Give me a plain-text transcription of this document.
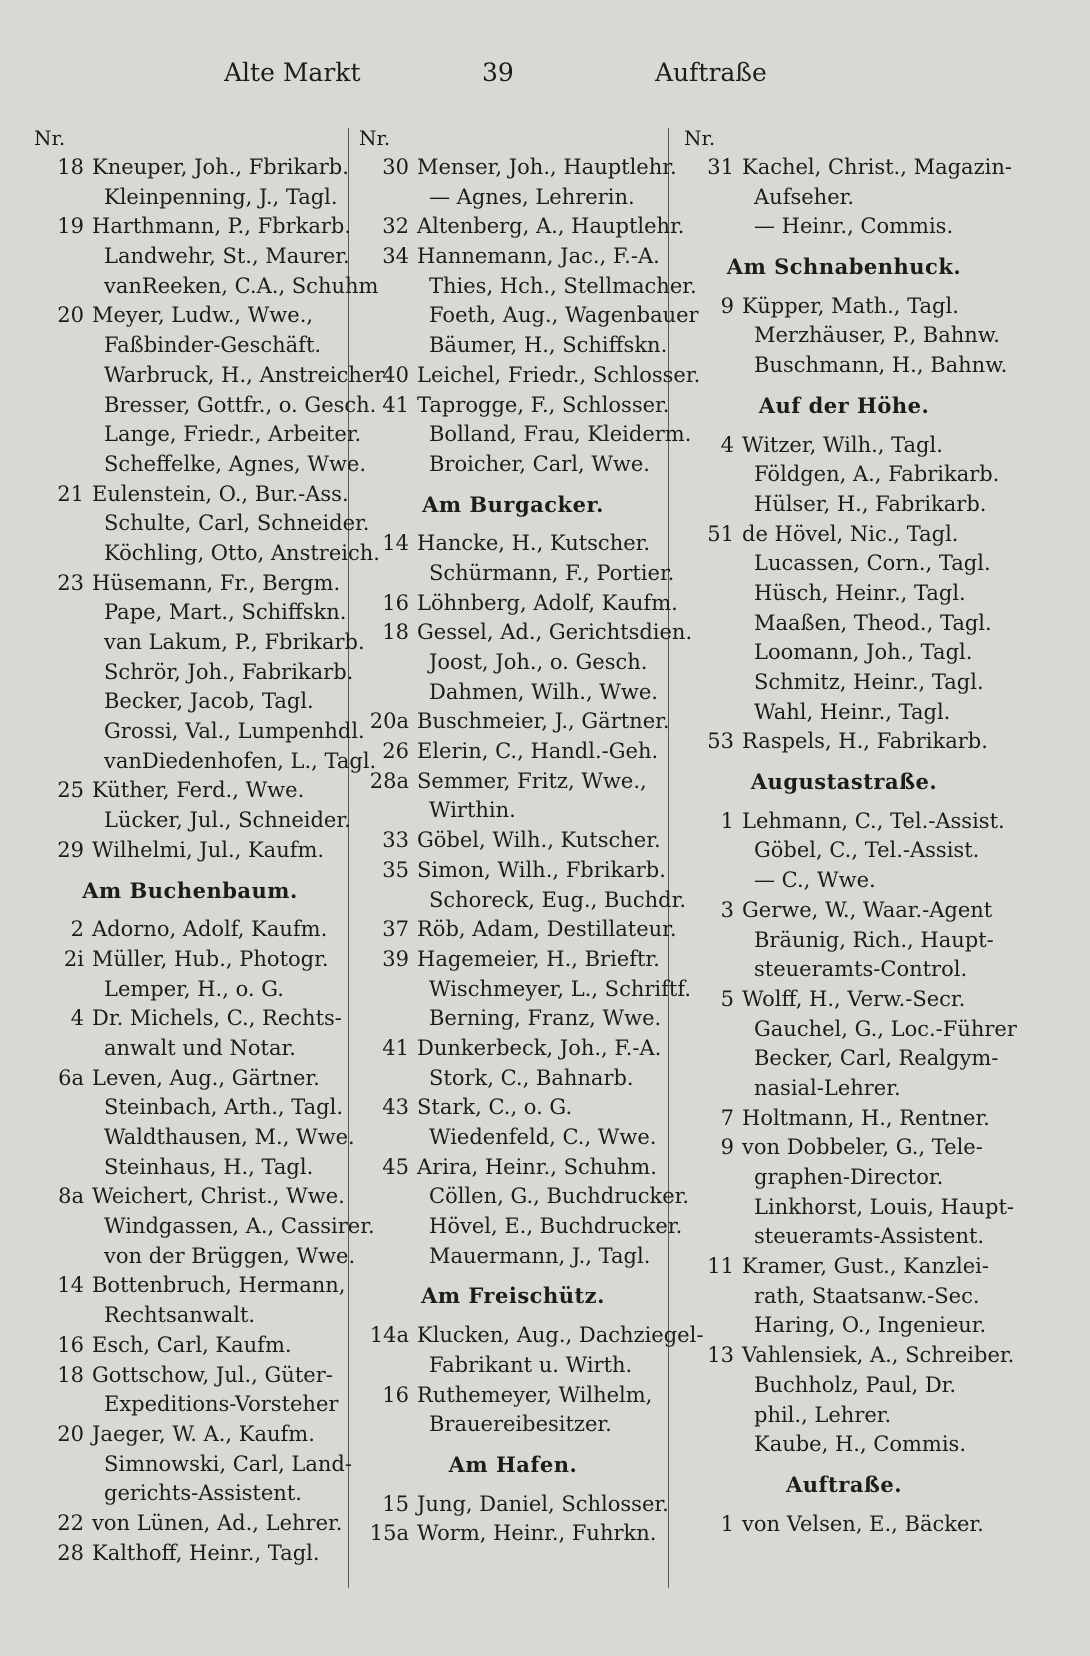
Alte Markt	39	Auftraße
Nr.
18 Kneuper, Joh., Fbrikarb.
Kleinpenning, J., Tagl.
19 Harthmann, P., Fbrkarb.
Landwehr, St., Maurer.
vanReeken, C.A., Schuhm
20 Meyer, Ludw., Wwe.,
Faßbinder-Geschäft.
Warbruck, H., Anstreicher
Bresser, Gottfr., o. Gesch.
Lange, Friedr., Arbeiter.
Scheffelke, Agnes, Wwe.
21 Eulenstein, O., Bur.-Ass.
Schulte, Carl, Schneider.
Köchling, Otto, Anstreich.
23 Hüsemann, Fr., Bergm.
Pape, Mart., Schiffskn.
van Lakum, P., Fbrikarb.
Schrör, Joh., Fabrikarb.
Becker, Jacob, Tagl.
Grossi, Val., Lumpenhdl.
vanDiedenhofen, L., Tagl.
25 Küther, Ferd., Wwe.
Lücker, Jul., Schneider.
29 Wilhelmi, Jul., Kaufm.
Am Buchenbaum.
2 Adorno, Adolf, Kaufm.
2i Müller, Hub., Photogr.
Lemper, H., o. G.
4 Dr. Michels, C., Rechts-
anwalt und Notar.
6a Leven, Aug., Gärtner.
Steinbach, Arth., Tagl.
Waldthausen, M., Wwe.
Steinhaus, H., Tagl.
8a Weichert, Christ., Wwe.
Windgassen, A., Cassirer.
von der Brüggen, Wwe.
14 Bottenbruch, Hermann,
Rechtsanwalt.
16 Esch, Carl, Kaufm.
18 Gottschow, Jul., Güter-
Expeditions-Vorsteher
20 Jaeger, W. A., Kaufm.
Simnowski, Carl, Land-
gerichts-Assistent.
22 von Lünen, Ad., Lehrer.
28 Kalthoff, Heinr., Tagl.
Nr.
30 Menser, Joh., Hauptlehr.
— Agnes, Lehrerin.
32 Altenberg, A., Hauptlehr.
34 Hannemann, Jac., F.-A.
Thies, Hch., Stellmacher.
Foeth, Aug., Wagenbauer
Bäumer, H., Schiffskn.
40 Leichel, Friedr., Schlosser.
41 Taprogge, F., Schlosser.
Bolland, Frau, Kleiderm.
Broicher, Carl, Wwe.
Am Burgacker.
14 Hancke, H., Kutscher.
Schürmann, F., Portier.
16 Löhnberg, Adolf, Kaufm.
18 Gessel, Ad., Gerichtsdien.
Joost, Joh., o. Gesch.
Dahmen, Wilh., Wwe.
20a Buschmeier, J., Gärtner.
26 Elerin, C., Handl.-Geh.
28a Semmer, Fritz, Wwe.,
Wirthin.
33 Göbel, Wilh., Kutscher.
35 Simon, Wilh., Fbrikarb.
Schoreck, Eug., Buchdr.
37 Röb, Adam, Destillateur.
39 Hagemeier, H., Brieftr.
Wischmeyer, L., Schriftf.
Berning, Franz, Wwe.
41 Dunkerbeck, Joh., F.-A.
Stork, C., Bahnarb.
43 Stark, C., o. G.
Wiedenfeld, C., Wwe.
45 Arira, Heinr., Schuhm.
Cöllen, G., Buchdrucker.
Hövel, E., Buchdrucker.
Mauermann, J., Tagl.
Am Freischütz.
14a Klucken, Aug., Dachziegel-
Fabrikant u. Wirth.
16 Ruthemeyer, Wilhelm,
Brauereibesitzer.
Am Hafen.
15 Jung, Daniel, Schlosser.
15a Worm, Heinr., Fuhrkn.
Nr.
31 Kachel, Christ., Magazin-
Aufseher.
— Heinr., Commis.
Am Schnabenhuck.
9 Küpper, Math., Tagl.
Merzhäuser, P., Bahnw.
Buschmann, H., Bahnw.
Auf der Höhe.
4 Witzer, Wilh., Tagl.
Földgen, A., Fabrikarb.
Hülser, H., Fabrikarb.
51 de Hövel, Nic., Tagl.
Lucassen, Corn., Tagl.
Hüsch, Heinr., Tagl.
Maaßen, Theod., Tagl.
Loomann, Joh., Tagl.
Schmitz, Heinr., Tagl.
Wahl, Heinr., Tagl.
53 Raspels, H., Fabrikarb.
Augustastraße.
1 Lehmann, C., Tel.-Assist.
Göbel, C., Tel.-Assist.
— C., Wwe.
3 Gerwe, W., Waar.-Agent
Bräunig, Rich., Haupt-
steueramts-Control.
5 Wolff, H., Verw.-Secr.
Gauchel, G., Loc.-Führer
Becker, Carl, Realgym-
nasial-Lehrer.
7 Holtmann, H., Rentner.
9 von Dobbeler, G., Tele-
graphen-Director.
Linkhorst, Louis, Haupt-
steueramts-Assistent.
11 Kramer, Gust., Kanzlei-
rath, Staatsanw.-Sec.
Haring, O., Ingenieur.
13 Vahlensiek, A., Schreiber.
Buchholz, Paul, Dr.
phil., Lehrer.
Kaube, H., Commis.
Auftraße.
1 von Velsen, E., Bäcker.
